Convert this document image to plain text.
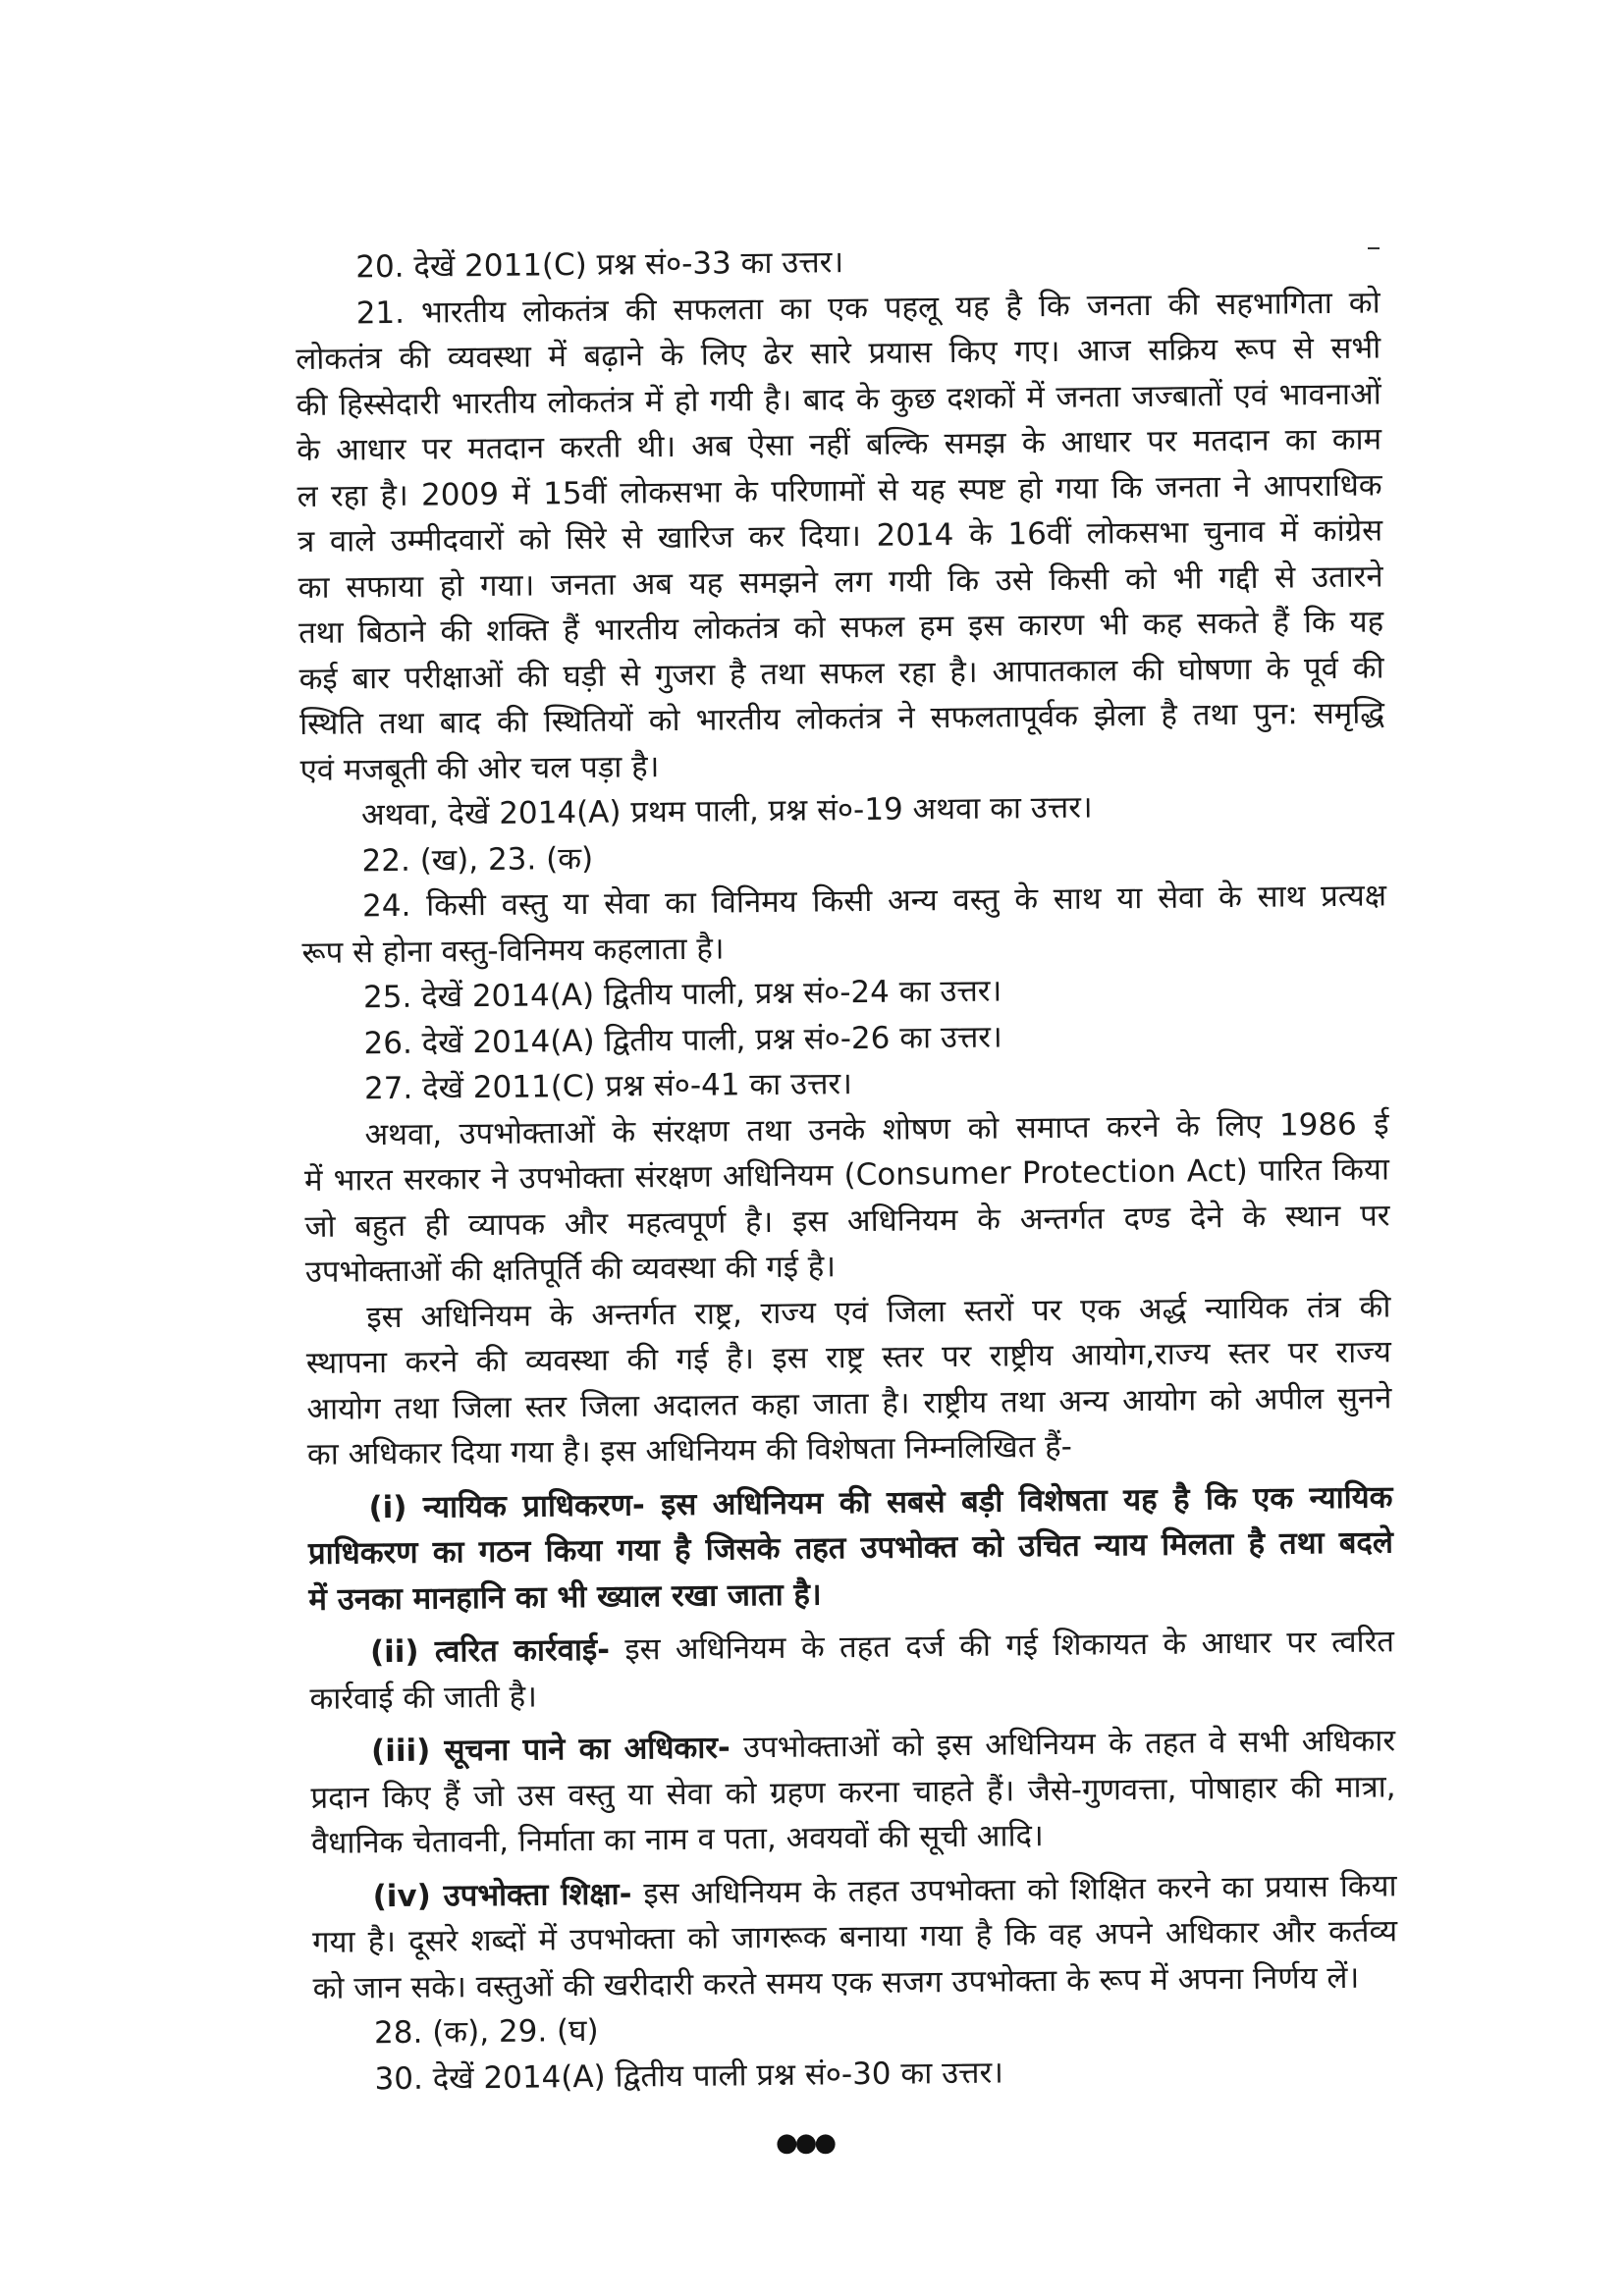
20. देखें 2011(C) प्रश्न सं०-33 का उत्तर।
21. भारतीय लोकतंत्र की सफलता का एक पहलू यह है कि जनता की सहभागिता को
लोकतंत्र की व्यवस्था में बढ़ाने के लिए ढेर सारे प्रयास किए गए। आज सक्रिय रूप से सभी
की हिस्सेदारी भारतीय लोकतंत्र में हो गयी है। बाद के कुछ दशकों में जनता जज्बातों एवं भावनाओं
के आधार पर मतदान करती थी। अब ऐसा नहीं बल्कि समझ के आधार पर मतदान का काम
ल रहा है। 2009 में 15वीं लोकसभा के परिणामों से यह स्पष्ट हो गया कि जनता ने आपराधिक
त्र वाले उम्मीदवारों को सिरे से खारिज कर दिया। 2014 के 16वीं लोकसभा चुनाव में कांग्रेस
का सफाया हो गया। जनता अब यह समझने लग गयी कि उसे किसी को भी गद्दी से उतारने
तथा बिठाने की शक्ति हैं भारतीय लोकतंत्र को सफल हम इस कारण भी कह सकते हैं कि यह
कई बार परीक्षाओं की घड़ी से गुजरा है तथा सफल रहा है। आपातकाल की घोषणा के पूर्व की
स्थिति तथा बाद की स्थितियों को भारतीय लोकतंत्र ने सफलतापूर्वक झेला है तथा पुन: समृद्धि
एवं मजबूती की ओर चल पड़ा है।
अथवा, देखें 2014(A) प्रथम पाली, प्रश्न सं०-19 अथवा का उत्तर।
22. (ख), 23. (क)
24. किसी वस्तु या सेवा का विनिमय किसी अन्य वस्तु के साथ या सेवा के साथ प्रत्यक्ष
रूप से होना वस्तु-विनिमय कहलाता है।
25. देखें 2014(A) द्वितीय पाली, प्रश्न सं०-24 का उत्तर।
26. देखें 2014(A) द्वितीय पाली, प्रश्न सं०-26 का उत्तर।
27. देखें 2011(C) प्रश्न सं०-41 का उत्तर।
अथवा, उपभोक्ताओं के संरक्षण तथा उनके शोषण को समाप्त करने के लिए 1986 ई
में भारत सरकार ने उपभोक्ता संरक्षण अधिनियम (Consumer Protection Act) पारित किया
जो बहुत ही व्यापक और महत्वपूर्ण है। इस अधिनियम के अन्तर्गत दण्ड देने के स्थान पर
उपभोक्ताओं की क्षतिपूर्ति की व्यवस्था की गई है।
इस अधिनियम के अन्तर्गत राष्ट्र, राज्य एवं जिला स्तरों पर एक अर्द्ध न्यायिक तंत्र की
स्थापना करने की व्यवस्था की गई है। इस राष्ट्र स्तर पर राष्ट्रीय आयोग,राज्य स्तर पर राज्य
आयोग तथा जिला स्तर जिला अदालत कहा जाता है। राष्ट्रीय तथा अन्य आयोग को अपील सुनने
का अधिकार दिया गया है। इस अधिनियम की विशेषता निम्नलिखित हैं-
(i) न्यायिक प्राधिकरण- इस अधिनियम की सबसे बड़ी विशेषता यह है कि एक न्यायिक
प्राधिकरण का गठन किया गया है जिसके तहत उपभोक्त को उचित न्याय मिलता है तथा बदले
में उनका मानहानि का भी ख्याल रखा जाता है।
(ii) त्वरित कार्रवाई- इस अधिनियम के तहत दर्ज की गई शिकायत के आधार पर त्वरित
कार्रवाई की जाती है।
(iii) सूचना पाने का अधिकार- उपभोक्ताओं को इस अधिनियम के तहत वे सभी अधिकार
प्रदान किए हैं जो उस वस्तु या सेवा को ग्रहण करना चाहते हैं। जैसे-गुणवत्ता, पोषाहार की मात्रा,
वैधानिक चेतावनी, निर्माता का नाम व पता, अवयवों की सूची आदि।
(iv) उपभोक्ता शिक्षा- इस अधिनियम के तहत उपभोक्ता को शिक्षित करने का प्रयास किया
गया है। दूसरे शब्दों में उपभोक्ता को जागरूक बनाया गया है कि वह अपने अधिकार और कर्तव्य
को जान सके। वस्तुओं की खरीदारी करते समय एक सजग उपभोक्ता के रूप में अपना निर्णय लें।
28. (क), 29. (घ)
30. देखें 2014(A) द्वितीय पाली प्रश्न सं०-30 का उत्तर।
●●●
